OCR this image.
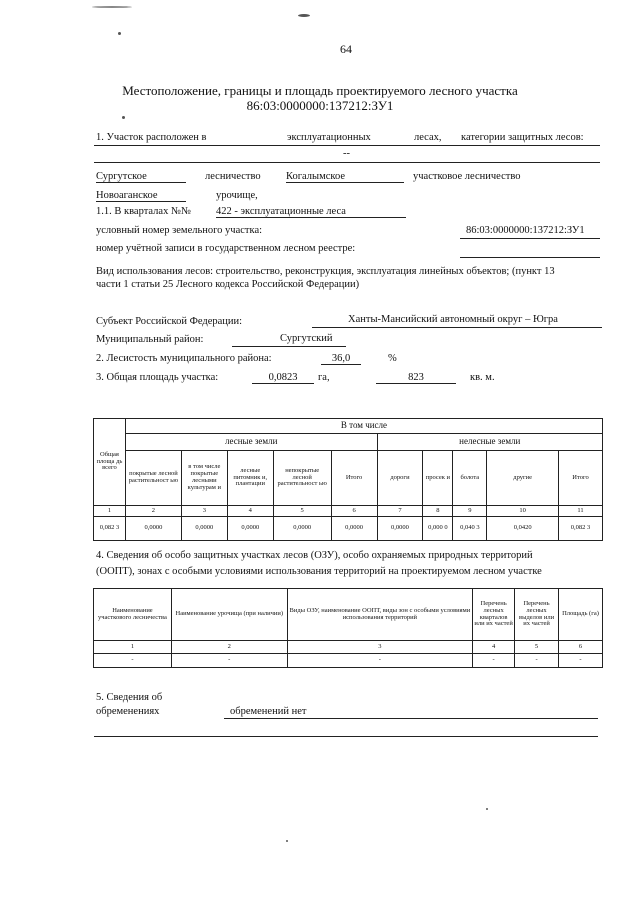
64
Местоположение, границы и площадь проектируемого лесного участка
86:03:0000000:137212:ЗУ1
1. Участок расположен в	эксплуатационных	лесах, категории защитных лесов:
--
Сургутское	лесничество Когалымское	участковое лесничество
Новоаганское	урочище,
1.1. В кварталах №№ 422 - эксплуатационные леса
условный номер земельного участка:	86:03:0000000:137212:ЗУ1
номер учётной записи в государственном лесном реестре:
Вид использования лесов: строительство, реконструкция, эксплуатация линейных объектов; (пункт 13
части 1 статьи 25 Лесного кодекса Российской Федерации)
Субъект Российской Федерации:	Ханты-Мансийский автономный округ – Югра
Муниципальный район:	Сургутский
2. Лесистость муниципального района:	36,0	%
3. Общая площадь участка:	0,0823	га,	823	кв. м.
Общая площа дь всего	В том числе									
	лесные земли					нелесные земли				
	покрытые лесной растительност ью	в том числе покрытые лесными культурам и	лесные питомник и, плантации	непокрытые лесной растительност ью	Итого	дороги	просек и	болота	другие	Итого
1	2	3	4	5	6	7	8	9	10	11
0,082 3	0,0000	0,0000	0,0000	0,0000	0,0000	0,0000	0,000 0	0,040 3	0,0420	0,082 3
4. Сведения об особо защитных участках лесов (ОЗУ), особо охраняемых природных территорий
(ООПТ), зонах с особыми условиями использования территорий на проектируемом лесном участке
Наименование участкового лесничества	Наименование урочища (при наличии)	Виды ОЗУ, наименование ООПТ, виды зон с особыми условиями использования территорий	Перечень лесных кварталов или их частей	Перечень лесных выделов или их частей	Площадь (га)
1	2	3	4	5	6
-	-	-	-	-	-
5. Сведения об
обременениях	обременений нет
